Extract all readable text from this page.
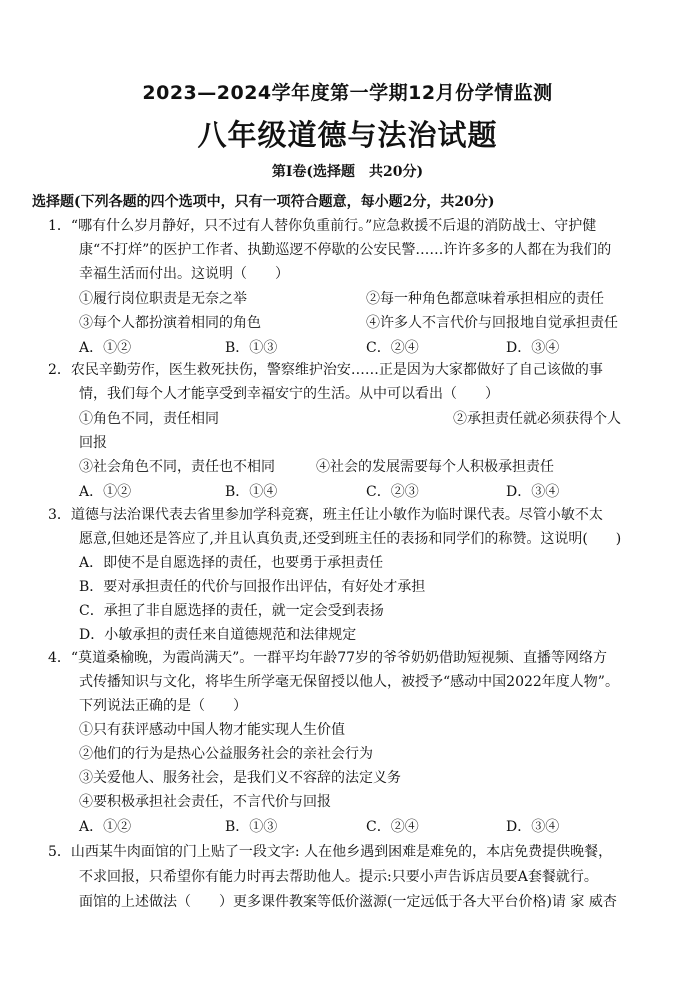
2023—2024学年度第一学期12月份学情监测
八年级道德与法治试题
第Ⅰ卷(选择题　共20分)
选择题(下列各题的四个选项中，只有一项符合题意，每小题2分，共20分)
1．“哪有什么岁月静好，只不过有人替你负重前行。”应急救援不后退的消防战士、守护健
康“不打烊”的医护工作者、执勤巡逻不停歇的公安民警……许许多多的人都在为我们的
幸福生活而付出。这说明（　　）
①履行岗位职责是无奈之举	②每一种角色都意味着承担相应的责任
③每个人都扮演着相同的角色	④许多人不言代价与回报地自觉承担责任
A．①②	B．①③	C．②④	D．③④
2．农民辛勤劳作，医生救死扶伤，警察维护治安……正是因为大家都做好了自己该做的事
情，我们每个人才能享受到幸福安宁的生活。从中可以看出（　　）
①角色不同，责任相同	②承担责任就必须获得个人
回报
③社会角色不同，责任也不相同	④社会的发展需要每个人积极承担责任
A．①②	B．①④	C．②③	D．③④
3．道德与法治课代表去省里参加学科竞赛，班主任让小敏作为临时课代表。尽管小敏不太
愿意,但她还是答应了,并且认真负责,还受到班主任的表扬和同学们的称赞。这说明(　　)
A．即使不是自愿选择的责任，也要勇于承担责任
B．要对承担责任的代价与回报作出评估，有好处才承担
C．承担了非自愿选择的责任，就一定会受到表扬
D．小敏承担的责任来自道德规范和法律规定
4．“莫道桑榆晚，为霞尚满天”。一群平均年龄77岁的爷爷奶奶借助短视频、直播等网络方
式传播知识与文化，将毕生所学毫无保留授以他人，被授予“感动中国2022年度人物”。
下列说法正确的是（　　）
①只有获评感动中国人物才能实现人生价值
②他们的行为是热心公益服务社会的亲社会行为
③关爱他人、服务社会，是我们义不容辞的法定义务
④要积极承担社会责任，不言代价与回报
A．①②	B．①③	C．②④	D．③④
5．山西某牛肉面馆的门上贴了一段文字: 人在他乡遇到困难是难免的，本店免费提供晚餐，
不求回报，只希望你有能力时再去帮助他人。提示:只要小声告诉店员要A套餐就行。
面馆的上述做法（　　）更多课件教案等低价滋源(一定远低于各大平台价格)请 家 威杏
